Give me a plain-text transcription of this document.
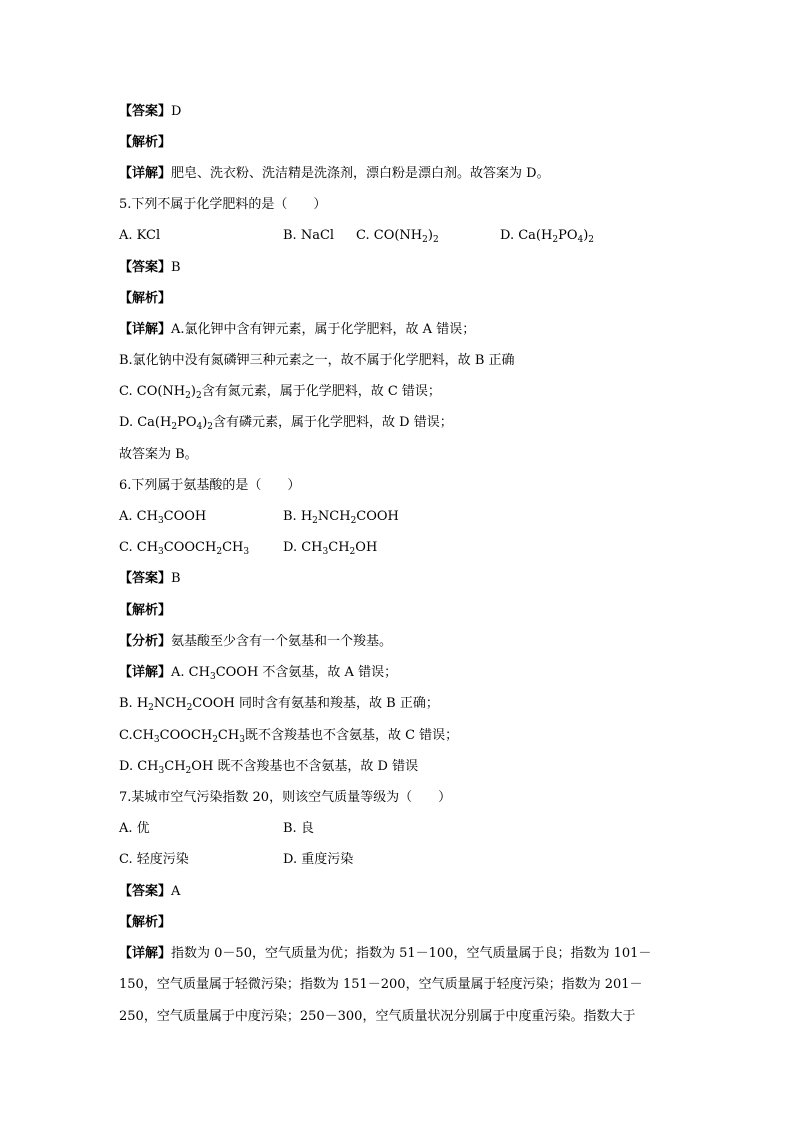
【答案】D
【解析】
【详解】肥皂、洗衣粉、洗洁精是洗涤剂，漂白粉是漂白剂。故答案为 D。
5.下列不属于化学肥料的是（　　）
A. KCl	B. NaCl C. $CO(NH_2)_2$	D. $Ca(H_2PO_4)_2$
【答案】B
【解析】
【详解】A.氯化钾中含有钾元素，属于化学肥料，故 A 错误；
B.氯化钠中没有氮磷钾三种元素之一，故不属于化学肥料，故 B 正确
C. $CO(NH_2)_2$含有氮元素，属于化学肥料，故 C 错误；
D. $Ca(H_2PO_4)_2$含有磷元素，属于化学肥料，故 D 错误；
故答案为 B。
6.下列属于氨基酸的是（　　）
A. $CH_3COOH$	B. $H_2NCH_2COOH$
C. $CH_3COOCH_2CH_3$	D. $CH_3CH_2OH$
【答案】B
【解析】
【分析】氨基酸至少含有一个氨基和一个羧基。
【详解】A. $CH_3COOH$ 不含氨基，故 A 错误；
B. $H_2NCH_2COOH$ 同时含有氨基和羧基，故 B 正确；
$C.CH_3COOCH_2CH_3$既不含羧基也不含氨基，故 C 错误；
D. $CH_3CH_2OH$ 既不含羧基也不含氨基，故 D 错误
7.某城市空气污染指数 20，则该空气质量等级为（　　）
A. 优	B. 良
C. 轻度污染	D. 重度污染
【答案】A
【解析】
【详解】指数为 0－50，空气质量为优；指数为 51－100，空气质量属于良；指数为 101－
150，空气质量属于轻微污染；指数为 151－200，空气质量属于轻度污染；指数为 201－
250，空气质量属于中度污染；250－300，空气质量状况分别属于中度重污染。指数大于
